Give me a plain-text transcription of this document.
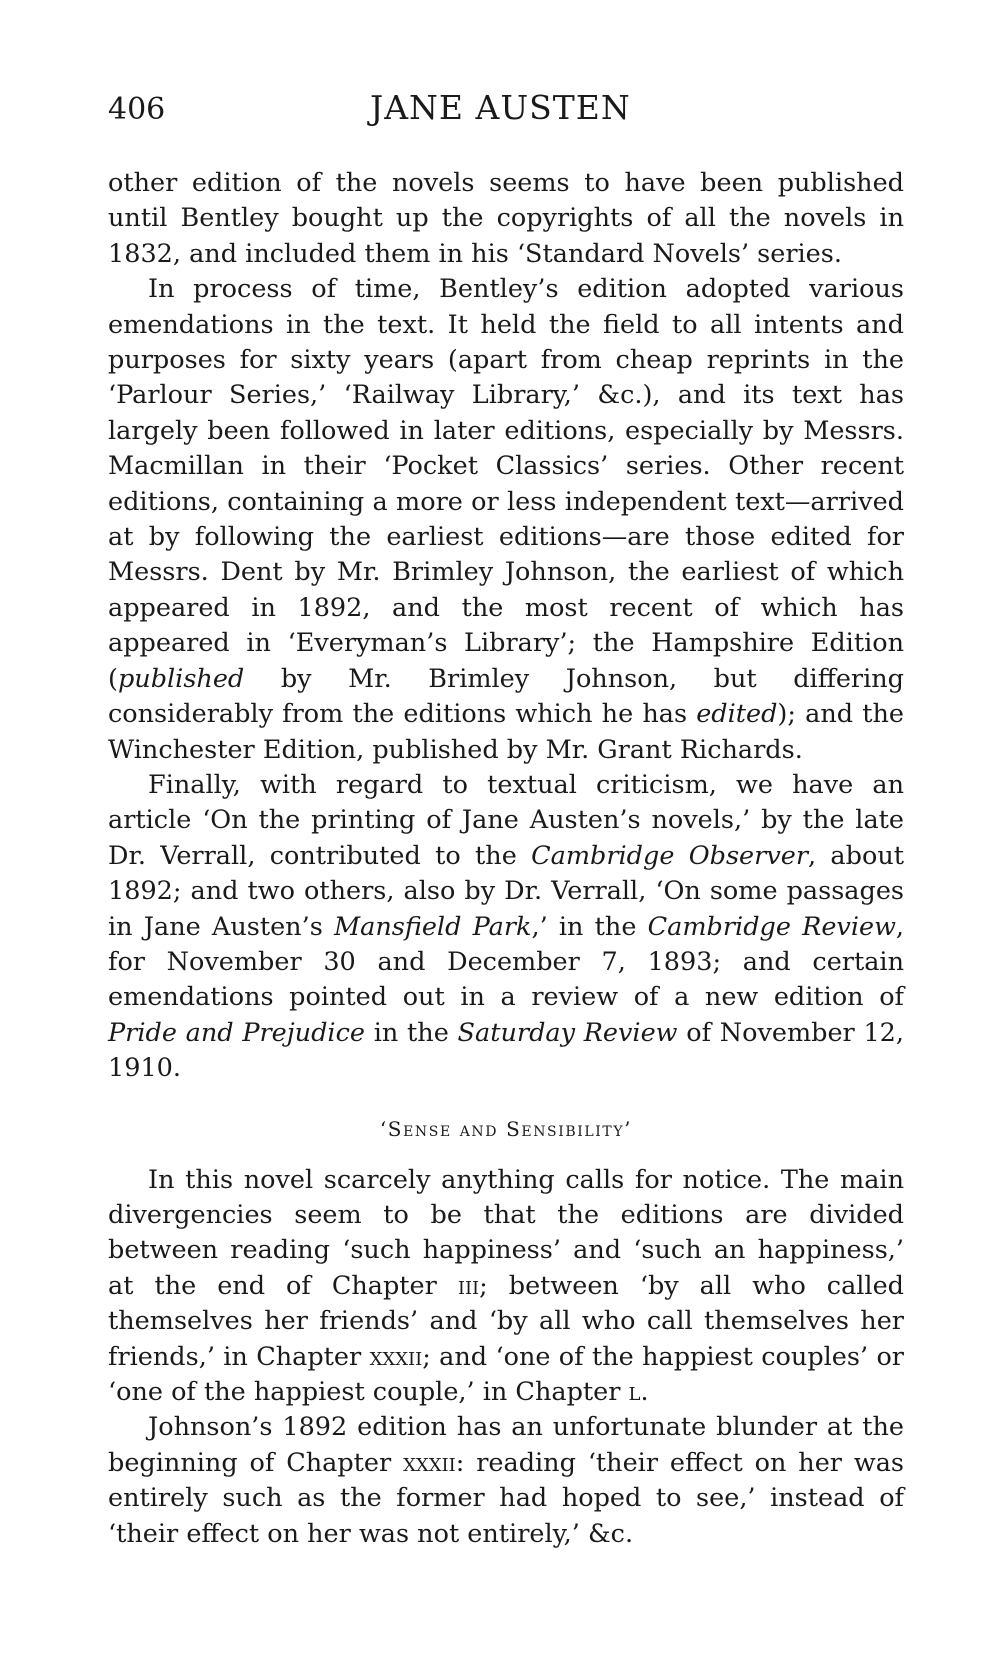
406	JANE AUSTEN

other edition of the novels seems to have been published until Bentley bought up the copyrights of all the novels in 1832, and included them in his ‘Standard Novels’ series.

In process of time, Bentley’s edition adopted various emendations in the text. It held the field to all intents and purposes for sixty years (apart from cheap reprints in the ‘Parlour Series,’ ‘Railway Library,’ &c.), and its text has largely been followed in later editions, especially by Messrs. Macmillan in their ‘Pocket Classics’ series. Other recent editions, containing a more or less independent text—arrived at by following the earliest editions—are those edited for Messrs. Dent by Mr. Brimley Johnson, the earliest of which appeared in 1892, and the most recent of which has appeared in ‘Everyman’s Library’; the Hampshire Edition (published by Mr. Brimley Johnson, but differing considerably from the editions which he has edited); and the Winchester Edition, published by Mr. Grant Richards.

Finally, with regard to textual criticism, we have an article ‘On the printing of Jane Austen’s novels,’ by the late Dr. Verrall, contributed to the Cambridge Observer, about 1892; and two others, also by Dr. Verrall, ‘On some passages in Jane Austen’s Mansfield Park,’ in the Cambridge Review, for November 30 and December 7, 1893; and certain emendations pointed out in a review of a new edition of Pride and Prejudice in the Saturday Review of November 12, 1910.

‘Sense and Sensibility’

In this novel scarcely anything calls for notice. The main divergencies seem to be that the editions are divided between reading ‘such happiness’ and ‘such an happiness,’ at the end of Chapter iii; between ‘by all who called themselves her friends’ and ‘by all who call themselves her friends,’ in Chapter xxxii; and ‘one of the happiest couples’ or ‘one of the happiest couple,’ in Chapter l.

Johnson’s 1892 edition has an unfortunate blunder at the beginning of Chapter xxxii: reading ‘their effect on her was entirely such as the former had hoped to see,’ instead of ‘their effect on her was not entirely,’ &c.
